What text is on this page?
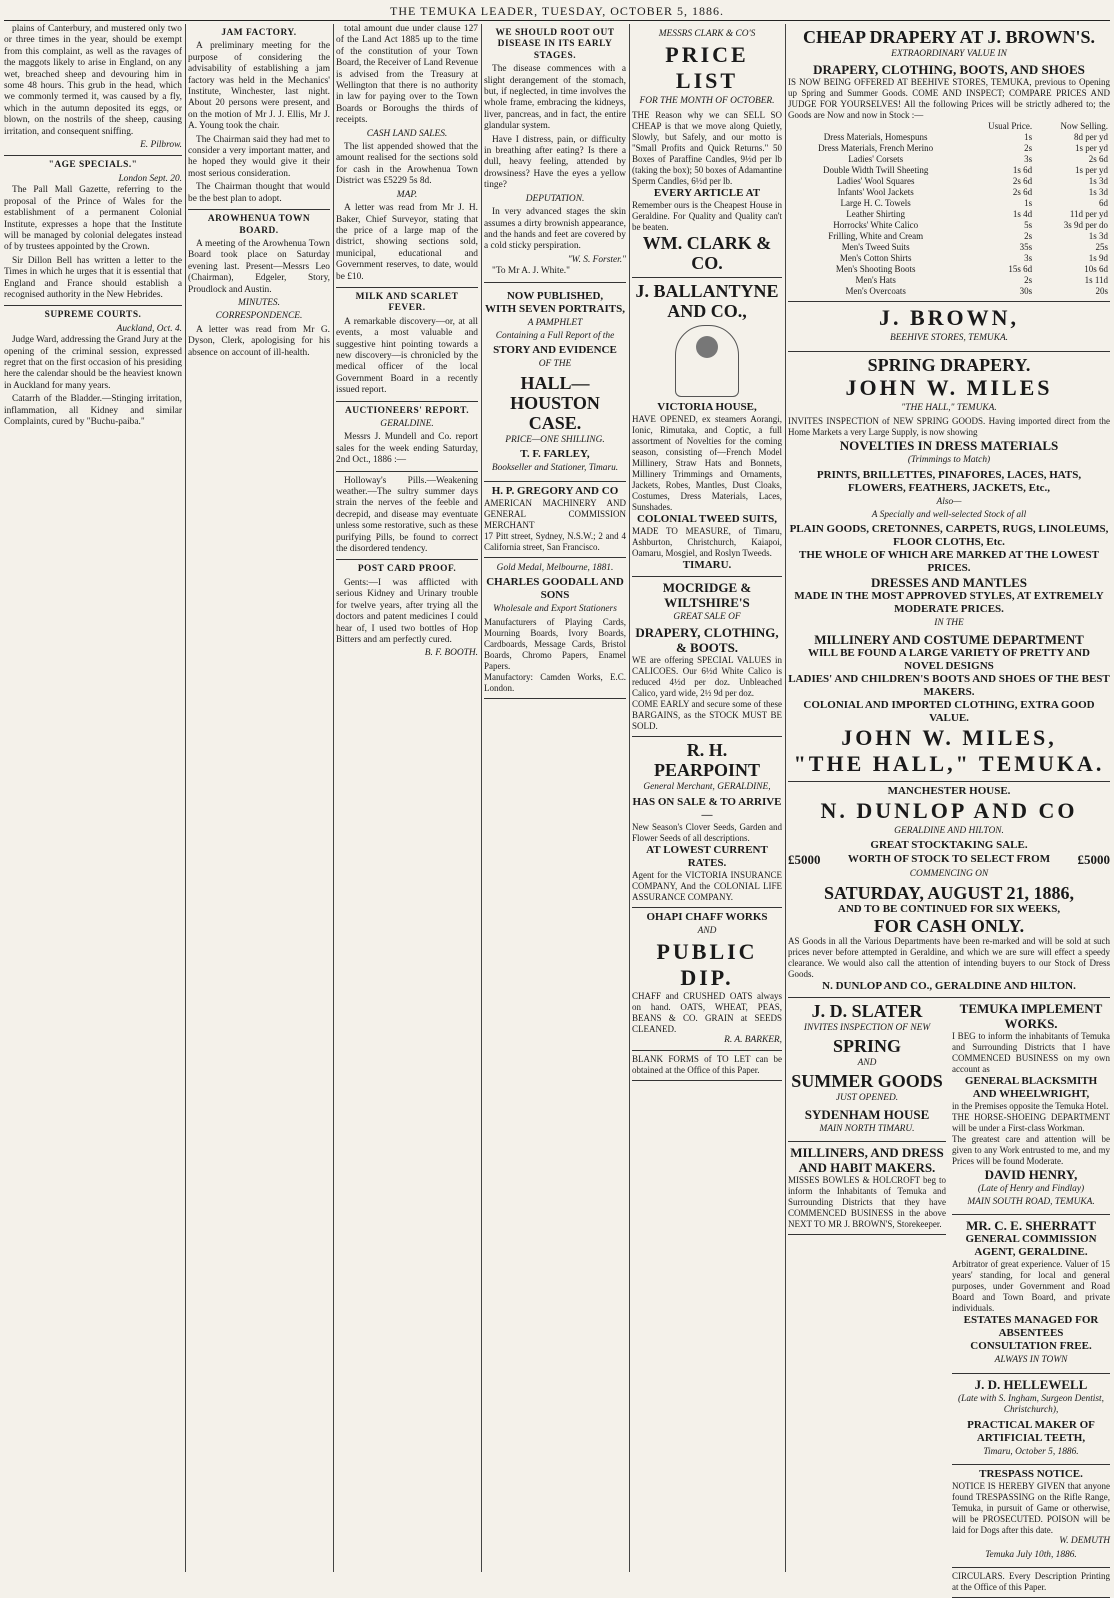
THE TEMUKA LEADER, TUESDAY, OCTOBER 5, 1886.

plains of Canterbury, and mustered only two or three times in the year, should be exempt from this complaint, as well as the ravages of the maggots likely to arise in England, on any wet, breached sheep and devouring him in some 48 hours. This grub in the head, which we commonly termed it, was caused by a fly, which in the autumn deposited its eggs, or blown, on the nostrils of the sheep, causing irritation, and consequent sniffing.

E. Pilbrow.
"AGE SPECIALS."
London Sept. 20.

The Pall Mall Gazette, referring to the proposal of the Prince of Wales for the establishment of a permanent Colonial Institute, expresses a hope that the Institute will be managed by colonial delegates instead of by trustees appointed by the Crown.

Sir Dillon Bell has written a letter to the Times in which he urges that it is essential that England and France should establish a recognised authority in the New Hebrides.

SUPREME COURTS.
Auckland, Oct. 4.

Judge Ward, addressing the Grand Jury at the opening of the criminal session, expressed regret that on the first occasion of his presiding here the calendar should be the heaviest known in Auckland for many years.

Catarrh of the Bladder.—Stinging irritation, inflammation, all Kidney and similar Complaints, cured by "Buchu-paiba."

JAM FACTORY.

A preliminary meeting for the purpose of considering the advisability of establishing a jam factory was held in the Mechanics' Institute, Winchester, last night. About 20 persons were present, and on the motion of Mr J. J. Ellis, Mr J. A. Young took the chair.

The Chairman said they had met to consider a very important matter, and he hoped they would give it their most serious consideration.

The Chairman thought that would be the best plan to adopt.

AROWHENUA TOWN BOARD.

A meeting of the Arowhenua Town Board took place on Saturday evening last. Present—Messrs Leo (Chairman), Edgeler, Story, Proudlock and Austin.

MINUTES.
CORRESPONDENCE.

A letter was read from Mr G. Dyson, Clerk, apologising for his absence on account of ill-health.

total amount due under clause 127 of the Land Act 1885 up to the time of the constitution of your Town Board, the Receiver of Land Revenue is advised from the Treasury at Wellington that there is no authority in law for paying over to the Town Boards or Boroughs the thirds of receipts.

CASH LAND SALES.

The list appended showed that the amount realised for the sections sold for cash in the Arowhenua Town District was £5229 5s 8d.

MAP.

A letter was read from Mr J. H. Baker, Chief Surveyor, stating that the price of a large map of the district, showing sections sold, municipal, educational and Government reserves, to date, would be £10.

MILK AND SCARLET FEVER.

A remarkable discovery—or, at all events, a most valuable and suggestive hint pointing towards a new discovery—is chronicled by the medical officer of the local Government Board in a recently issued report.

AUCTIONEERS' REPORT.
GERALDINE.

Messrs J. Mundell and Co. report sales for the week ending Saturday, 2nd Oct., 1886 :—

Holloway's Pills.—Weakening weather.—The sultry summer days strain the nerves of the feeble and decrepid, and disease may eventuate unless some restorative, such as these purifying Pills, be found to correct the disordered tendency.

POST CARD PROOF.

Gents:—I was afflicted with serious Kidney and Urinary trouble for twelve years, after trying all the doctors and patent medicines I could hear of, I used two bottles of Hop Bitters and am perfectly cured.

B. F. BOOTH.
WE SHOULD ROOT OUT DISEASE IN ITS EARLY STAGES.

The disease commences with a slight derangement of the stomach, but, if neglected, in time involves the whole frame, embracing the kidneys, liver, pancreas, and in fact, the entire glandular system.

Have I distress, pain, or difficulty in breathing after eating? Is there a dull, heavy feeling, attended by drowsiness? Have the eyes a yellow tinge?

DEPUTATION.

In very advanced stages the skin assumes a dirty brownish appearance, and the hands and feet are covered by a cold sticky perspiration.

"W. S. Forster."

"To Mr A. J. White."

NOW PUBLISHED,
WITH SEVEN PORTRAITS,
A PAMPHLET
Containing a Full Report of the
STORY AND EVIDENCE
OF THE
HALL—HOUSTON
CASE.
PRICE—ONE SHILLING.
T. F. FARLEY,
Bookseller and Stationer, Timaru.
H. P. GREGORY AND CO
AMERICAN MACHINERY AND GENERAL COMMISSION MERCHANT
17 Pitt street, Sydney, N.S.W.; 2 and 4 California street, San Francisco.
Gold Medal, Melbourne, 1881.
CHARLES GOODALL AND SONS
Wholesale and Export Stationers
Manufacturers of Playing Cards, Mourning Boards, Ivory Boards, Cardboards, Message Cards, Bristol Boards, Chromo Papers, Enamel Papers.
Manufactory: Camden Works, E.C. London.
MESSRS CLARK & CO'S
PRICE LIST
FOR THE MONTH OF OCTOBER.
THE Reason why we can SELL SO CHEAP is that we move along Quietly, Slowly, but Safely, and our motto is "Small Profits and Quick Returns." 50 Boxes of Paraffine Candles, 9½d per lb (taking the box); 50 boxes of Adamantine Sperm Candles, 6½d per lb.
EVERY ARTICLE AT
Remember ours is the Cheapest House in Geraldine. For Quality and Quality can't be beaten.
WM. CLARK & CO.
J. BALLANTYNE AND CO.,
VICTORIA HOUSE,
HAVE OPENED, ex steamers Aorangi, Ionic, Rimutaka, and Coptic, a full assortment of Novelties for the coming season, consisting of—French Model Millinery, Straw Hats and Bonnets, Millinery Trimmings and Ornaments, Jackets, Robes, Mantles, Dust Cloaks, Costumes, Dress Materials, Laces, Sunshades.
COLONIAL TWEED SUITS,
MADE TO MEASURE, of Timaru, Ashburton, Christchurch, Kaiapoi, Oamaru, Mosgiel, and Roslyn Tweeds.
TIMARU.
MOCRIDGE & WILTSHIRE'S
GREAT SALE OF
DRAPERY, CLOTHING, & BOOTS.
WE are offering SPECIAL VALUES in CALICOES. Our 6½d White Calico is reduced 4½d per doz. Unbleached Calico, yard wide, 2½ 9d per doz.
COME EARLY and secure some of these BARGAINS, as the STOCK MUST BE SOLD.
R. H. PEARPOINT
General Merchant, GERALDINE,
HAS ON SALE & TO ARRIVE—
New Season's Clover Seeds, Garden and Flower Seeds of all descriptions.
AT LOWEST CURRENT RATES.
Agent for the VICTORIA INSURANCE COMPANY, And the COLONIAL LIFE ASSURANCE COMPANY.
OHAPI CHAFF WORKS
AND
PUBLIC DIP.
CHAFF and CRUSHED OATS always on hand. OATS, WHEAT, PEAS, BEANS & CO. GRAIN at SEEDS CLEANED.
R. A. BARKER,
BLANK FORMS of TO LET can be obtained at the Office of this Paper.
CHEAP DRAPERY AT J. BROWN'S.
EXTRAORDINARY VALUE IN
DRAPERY, CLOTHING, BOOTS, AND SHOES
IS NOW BEING OFFERED AT BEEHIVE STORES, TEMUKA, previous to Opening up Spring and Summer Goods. COME AND INSPECT; COMPARE PRICES AND JUDGE FOR YOURSELVES! All the following Prices will be strictly adhered to; the Goods are Now and now in Stock :—
	Usual Price.	Now Selling.
Dress Materials, Homespuns	1s	8d per yd
Dress Materials, French Merino	2s	1s per yd
Ladies' Corsets	3s	2s 6d
Double Width Twill Sheeting	1s 6d	1s per yd
Ladies' Wool Squares	2s 6d	1s 3d
Infants' Wool Jackets	2s 6d	1s 3d
Large H. C. Towels	1s	6d
Leather Shirting	1s 4d	11d per yd
Horrocks' White Calico	5s	3s 9d per do
Frilling, White and Cream	2s	1s 3d
Men's Tweed Suits	35s	25s
Men's Cotton Shirts	3s	1s 9d
Men's Shooting Boots	15s 6d	10s 6d
Men's Hats	2s	1s 11d
Men's Overcoats	30s	20s
J. BROWN,
BEEHIVE STORES, TEMUKA.
SPRING DRAPERY.
JOHN W. MILES
"THE HALL," TEMUKA.
INVITES INSPECTION of NEW SPRING GOODS. Having imported direct from the Home Markets a very Large Supply, is now showing
NOVELTIES IN DRESS MATERIALS
(Trimmings to Match)
PRINTS, BRILLETTES, PINAFORES, LACES, HATS, FLOWERS, FEATHERS, JACKETS, Etc.,
Also—
A Specially and well-selected Stock of all
PLAIN GOODS, CRETONNES, CARPETS, RUGS, LINOLEUMS, FLOOR CLOTHS, Etc.
THE WHOLE OF WHICH ARE MARKED AT THE LOWEST PRICES.
DRESSES AND MANTLES
MADE IN THE MOST APPROVED STYLES, AT EXTREMELY MODERATE PRICES.
IN THE
MILLINERY AND COSTUME DEPARTMENT
WILL BE FOUND A LARGE VARIETY OF PRETTY AND NOVEL DESIGNS
LADIES' AND CHILDREN'S BOOTS AND SHOES OF THE BEST MAKERS.
COLONIAL AND IMPORTED CLOTHING, EXTRA GOOD VALUE.
JOHN W. MILES,
"THE HALL," TEMUKA.
MANCHESTER HOUSE.
N. DUNLOP AND CO
GERALDINE AND HILTON.
GREAT STOCKTAKING SALE.
£5000 WORTH OF STOCK TO SELECT FROM £5000
COMMENCING ON
SATURDAY, AUGUST 21, 1886,
AND TO BE CONTINUED FOR SIX WEEKS,
FOR CASH ONLY.
AS Goods in all the Various Departments have been re-marked and will be sold at such prices never before attempted in Geraldine, and which we are sure will effect a speedy clearance. We would also call the attention of intending buyers to our Stock of Dress Goods.
N. DUNLOP AND CO., GERALDINE AND HILTON.
J. D. SLATER
INVITES INSPECTION OF NEW
SPRING
AND
SUMMER GOODS
JUST OPENED.
SYDENHAM HOUSE
MAIN NORTH TIMARU.
MILLINERS, AND DRESS AND HABIT MAKERS.
MISSES BOWLES & HOLCROFT beg to inform the Inhabitants of Temuka and Surrounding Districts that they have COMMENCED BUSINESS in the above NEXT TO MR J. BROWN'S, Storekeeper.
TEMUKA IMPLEMENT WORKS.
I BEG to inform the inhabitants of Temuka and Surrounding Districts that I have COMMENCED BUSINESS on my own account as
GENERAL BLACKSMITH AND WHEELWRIGHT,
in the Premises opposite the Temuka Hotel.
THE HORSE-SHOEING DEPARTMENT will be under a First-class Workman.
The greatest care and attention will be given to any Work entrusted to me, and my Prices will be found Moderate.
DAVID HENRY,
(Late of Henry and Findlay)
MAIN SOUTH ROAD, TEMUKA.
MR. C. E. SHERRATT
GENERAL COMMISSION AGENT, GERALDINE.
Arbitrator of great experience. Valuer of 15 years' standing, for local and general purposes, under Government and Road Board and Town Board, and private individuals.
ESTATES MANAGED FOR ABSENTEES
CONSULTATION FREE.
ALWAYS IN TOWN
J. D. HELLEWELL
(Late with S. Ingham, Surgeon Dentist, Christchurch),
PRACTICAL MAKER OF ARTIFICIAL TEETH,
Timaru, October 5, 1886.
TRESPASS NOTICE.
NOTICE IS HEREBY GIVEN that anyone found TRESPASSING on the Rifle Range, Temuka, in pursuit of Game or otherwise, will be PROSECUTED. POISON will be laid for Dogs after this date.
W. DEMUTH
Temuka July 10th, 1886.
CIRCULARS. Every Description Printing at the Office of this Paper.
